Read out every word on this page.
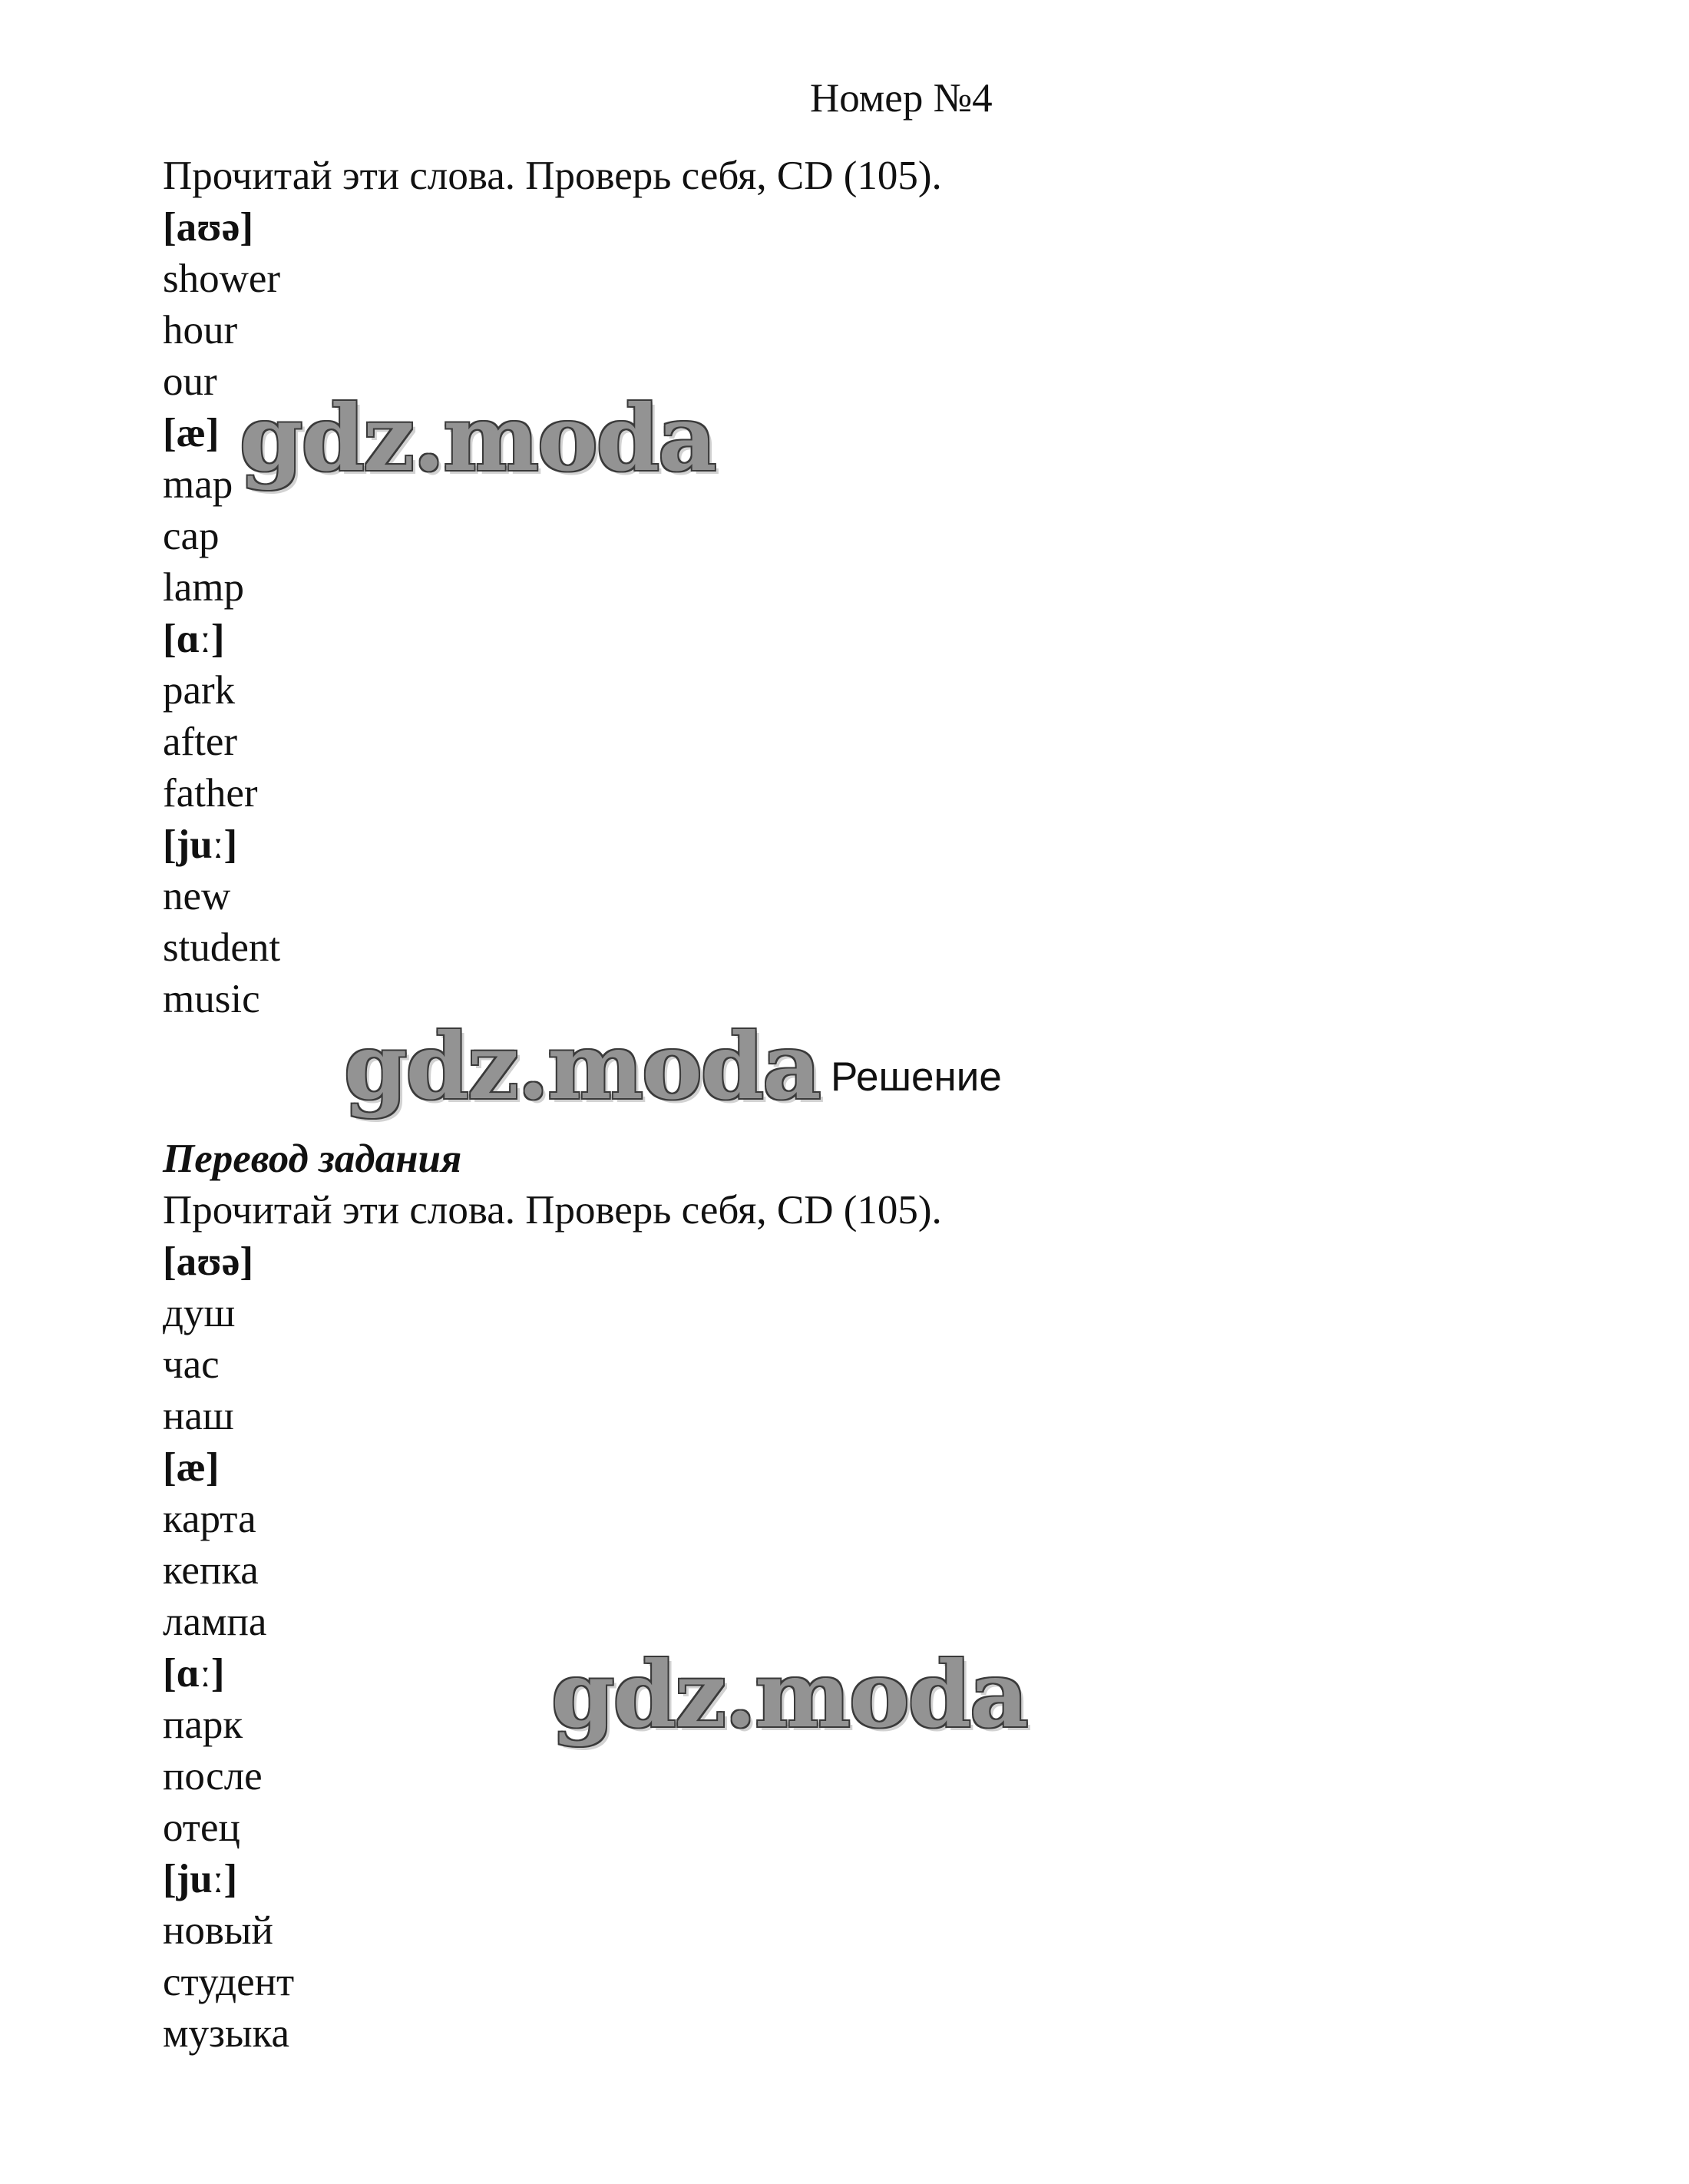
Номер №4
Прочитай эти слова. Проверь себя, CD (105).
[aʊə]
shower
hour
our
[æ]
map
cap
lamp
[ɑː]
park
after
father
[juː]
new
student
music
Решение
Перевод задания
Прочитай эти слова. Проверь себя, CD (105).
[aʊə]
душ
час
наш
[æ]
карта
кепка
лампа
[ɑː]
парк
после
отец
[juː]
новый
студент
музыка
gdz.moda
gdz.moda
gdz.moda
